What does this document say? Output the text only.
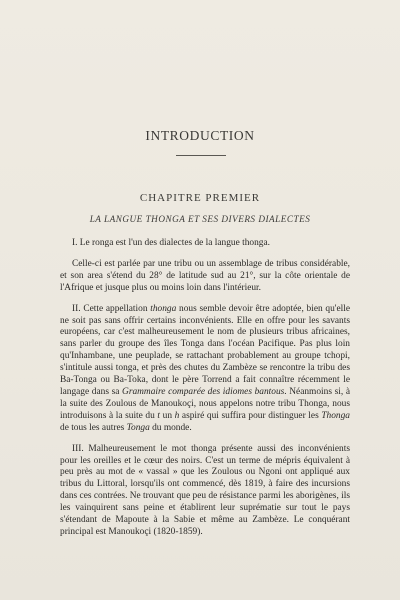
INTRODUCTION
CHAPITRE PREMIER
LA LANGUE THONGA ET SES DIVERS DIALECTES

I. Le ronga est l'un des dialectes de la langue thonga.

Celle-ci est parlée par une tribu ou un assemblage de tribus considérable, et son area s'étend du 28° de latitude sud au 21°, sur la côte orientale de l'Afrique et jusque plus ou moins loin dans l'intérieur.

II. Cette appellation thonga nous semble devoir être adoptée, bien qu'elle ne soit pas sans offrir certains inconvénients. Elle en offre pour les savants européens, car c'est malheureusement le nom de plusieurs tribus africaines, sans parler du groupe des îles Tonga dans l'océan Pacifique. Pas plus loin qu'Inhambane, une peuplade, se rattachant probablement au groupe tchopi, s'intitule aussi tonga, et près des chutes du Zambèze se rencontre la tribu des Ba-Tonga ou Ba-Toka, dont le père Torrend a fait connaître récemment le langage dans sa Grammaire comparée des idiomes bantous. Néanmoins si, à la suite des Zoulous de Manoukoçi, nous appelons notre tribu Thonga, nous introduisons à la suite du t un h aspiré qui suffira pour distinguer les Thonga de tous les autres Tonga du monde.

III. Malheureusement le mot thonga présente aussi des inconvénients pour les oreilles et le cœur des noirs. C'est un terme de mépris équivalent à peu près au mot de « vassal » que les Zoulous ou Ngoni ont appliqué aux tribus du Littoral, lorsqu'ils ont commencé, dès 1819, à faire des incursions dans ces contrées. Ne trouvant que peu de résistance parmi les aborigènes, ils les vainquirent sans peine et établirent leur suprématie sur tout le pays s'étendant de Mapoute à la Sabie et même au Zambèze. Le conquérant principal est Manoukoçi (1820-1859).
